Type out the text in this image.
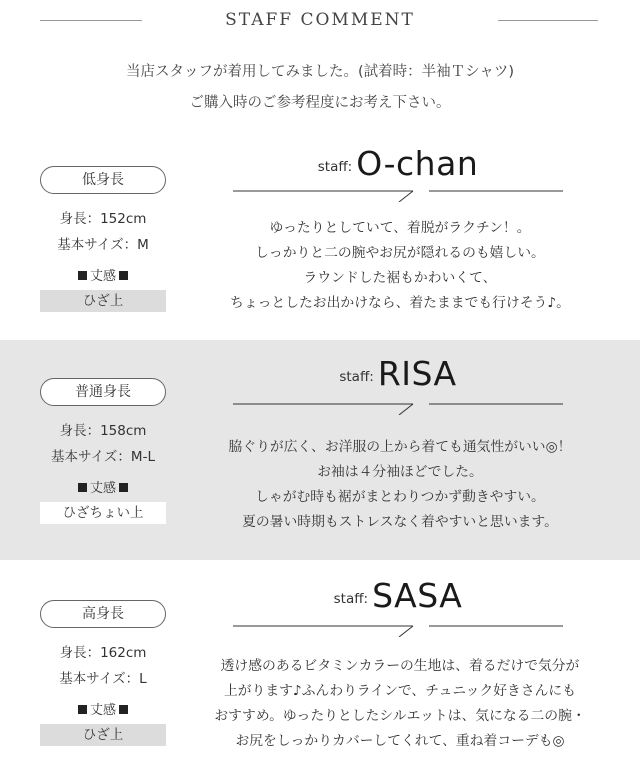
STAFF COMMENT
当店スタッフが着用してみました。(試着時：半袖Ｔシャツ)
ご購入時のご参考程度にお考え下さい。
低身長
身長：152cm
基本サイズ：M
丈感
ひざ上
$^{staff:}$ O-chan
ゆったりとしていて、着脱がラクチン！。
しっかりと二の腕やお尻が隠れるのも嬉しい。
ラウンドした裾もかわいくて、
ちょっとしたお出かけなら、着たままでも行けそう♪。
普通身長
身長：158cm
基本サイズ：M-L
丈感
ひざちょい上
$^{staff:}$ RISA
脇ぐりが広く、お洋服の上から着ても通気性がいい◎！
お袖は４分袖ほどでした。
しゃがむ時も裾がまとわりつかず動きやすい。
夏の暑い時期もストレスなく着やすいと思います。
高身長
身長：162cm
基本サイズ：L
丈感
ひざ上
$^{staff:}$ SASA
透け感のあるビタミンカラーの生地は、着るだけで気分が
上がります♪ふんわりラインで、チュニック好きさんにも
おすすめ。ゆったりとしたシルエットは、気になる二の腕・
お尻をしっかりカバーしてくれて、重ね着コーデも◎
